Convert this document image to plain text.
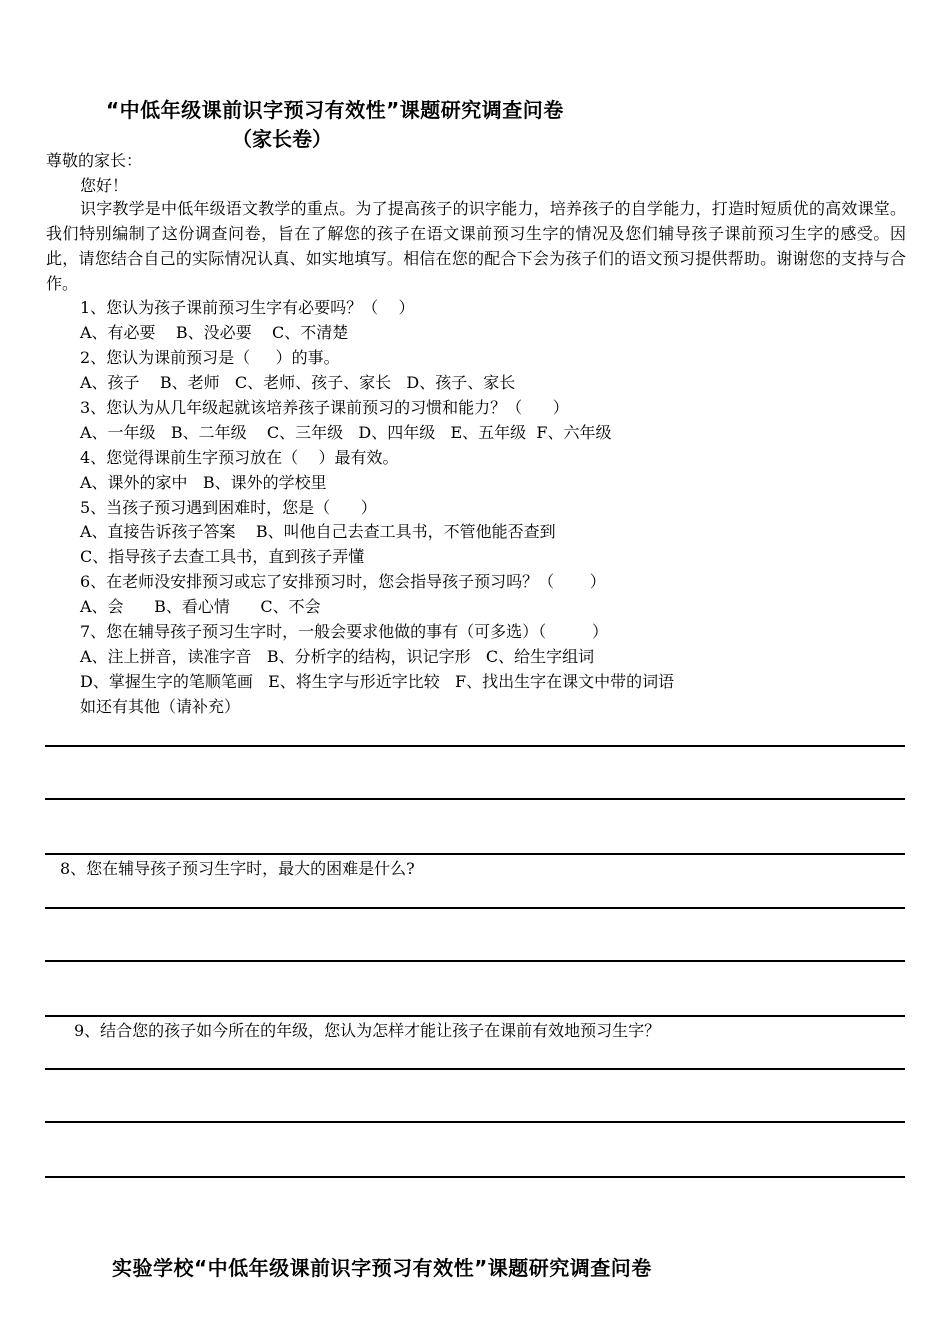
“中低年级课前识字预习有效性”课题研究调查问卷
（家长卷）
尊敬的家长：
您好！
识字教学是中低年级语文教学的重点。为了提高孩子的识字能力，培养孩子的自学能力，打造时短质优的高效课堂。我们特别编制了这份调查问卷，旨在了解您的孩子在语文课前预习生字的情况及您们辅导孩子课前预习生字的感受。因此，请您结合自己的实际情况认真、如实地填写。相信在您的配合下会为孩子们的语文预习提供帮助。谢谢您的支持与合作。
1、您认为孩子课前预习生字有必要吗？（    ）
A、有必要    B、没必要    C、不清楚
2、您认为课前预习是（     ）的事。
A、孩子    B、老师   C、老师、孩子、家长   D、孩子、家长
3、您认为从几年级起就该培养孩子课前预习的习惯和能力？（      ）
A、一年级   B、二年级    C、三年级   D、四年级   E、五年级  F、六年级
4、您觉得课前生字预习放在（    ）最有效。
A、课外的家中   B、课外的学校里
5、当孩子预习遇到困难时，您是（      ）
A、直接告诉孩子答案    B、叫他自己去查工具书，不管他能否查到
C、指导孩子去查工具书，直到孩子弄懂
6、在老师没安排预习或忘了安排预习时，您会指导孩子预习吗？（       ）
A、会      B、看心情      C、不会
7、您在辅导孩子预习生字时，一般会要求他做的事有（可多选）（         ）
A、注上拼音，读准字音   B、分析字的结构，识记字形   C、给生字组词
D、掌握生字的笔顺笔画   E、将生字与形近字比较   F、找出生字在课文中带的词语
如还有其他（请补充）
8、您在辅导孩子预习生字时，最大的困难是什么?
9、结合您的孩子如今所在的年级，您认为怎样才能让孩子在课前有效地预习生字？
实验学校“中低年级课前识字预习有效性”课题研究调查问卷
